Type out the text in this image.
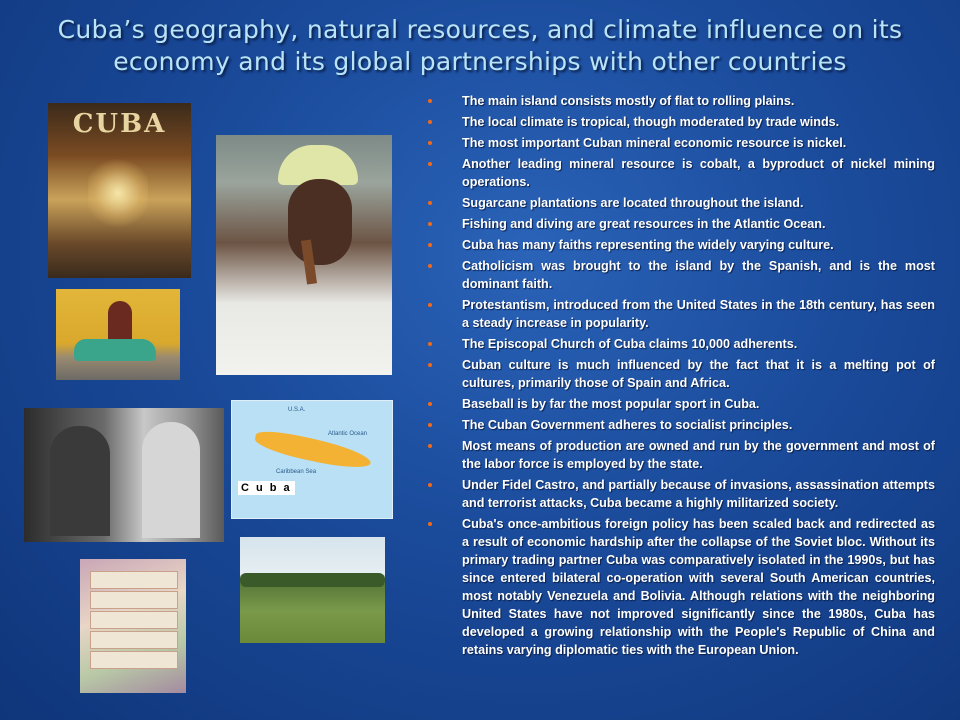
Cuba’s geography, natural resources, and climate influence on its
economy and its global partnerships with other countries
CUBA
U.S.A.
Atlantic Ocean
Caribbean Sea
C u b a
The main island consists mostly of flat to rolling plains.
The local climate is tropical, though moderated by trade winds.
The most important Cuban mineral economic resource is nickel.
Another leading mineral resource is cobalt, a byproduct of nickel mining operations.
Sugarcane plantations are located throughout the island.
Fishing and diving are great resources in the Atlantic Ocean.
Cuba has many faiths representing the widely varying culture.
Catholicism was brought to the island by the Spanish, and is the most dominant faith.
Protestantism, introduced from the United States in the 18th century, has seen a steady increase in popularity.
The Episcopal Church of Cuba claims 10,000 adherents.
Cuban culture is much influenced by the fact that it is a melting pot of cultures, primarily those of Spain and Africa.
Baseball is by far the most popular sport in Cuba.
The Cuban Government adheres to socialist principles.
Most means of production are owned and run by the government and most of the labor force is employed by the state.
Under Fidel Castro, and partially because of invasions, assassination attempts and terrorist attacks, Cuba became a highly militarized society.
Cuba's once-ambitious foreign policy has been scaled back and redirected as a result of economic hardship after the collapse of the Soviet bloc. Without its primary trading partner Cuba was comparatively isolated in the 1990s, but has since entered bilateral co-operation with several South American countries, most notably Venezuela and Bolivia. Although relations with the neighboring United States have not improved significantly since the 1980s, Cuba has developed a growing relationship with the People's Republic of China and retains varying diplomatic ties with the European Union.
